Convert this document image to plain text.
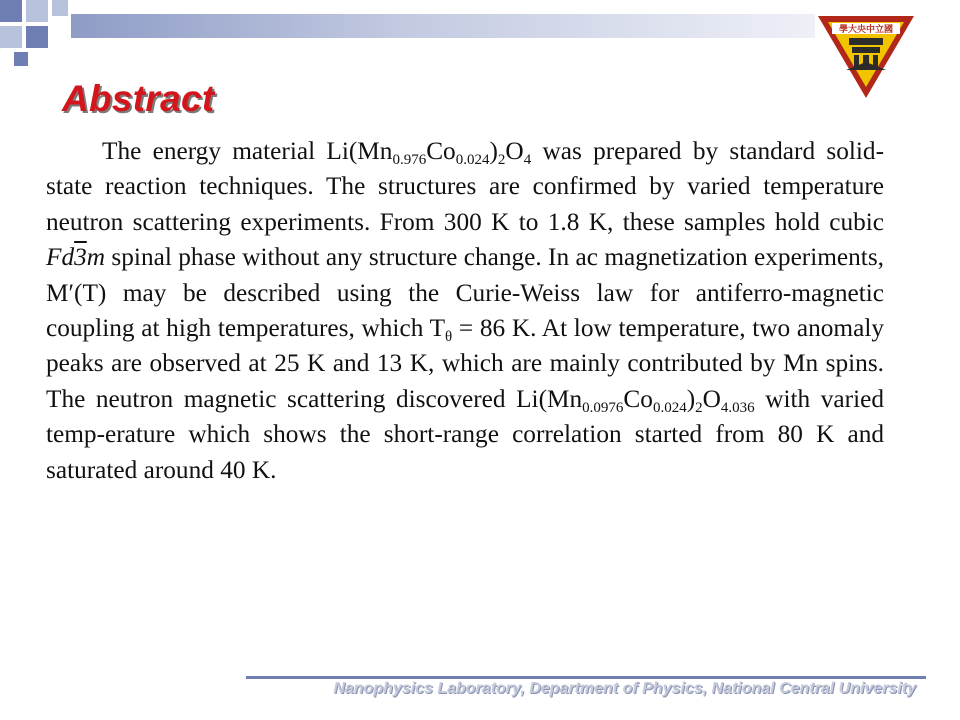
學大央中立國
Abstract

The energy material $Li(Mn_{0.976}Co_{0.024})_2O_4$ was prepared by standard solid-state reaction techniques. The structures are confirmed by varied temperature neutron scattering experiments. From 300 K to 1.8 K, these samples hold cubic Fd3m spinal phase without any structure change. In ac magnetization experiments, M′(T) may be described using the Curie-Weiss law for antiferro-magnetic coupling at high temperatures, which $T_\theta = 86$ K. At low temperature, two anomaly peaks are observed at 25 K and 13 K, which are mainly contributed by Mn spins. The neutron magnetic scattering discovered $Li(Mn_{0.0976}Co_{0.024})_2O_{4.036}$ with varied temp-erature which shows the short-range correlation started from 80 K and saturated around 40 K.

Nanophysics Laboratory, Department of Physics, National Central University
